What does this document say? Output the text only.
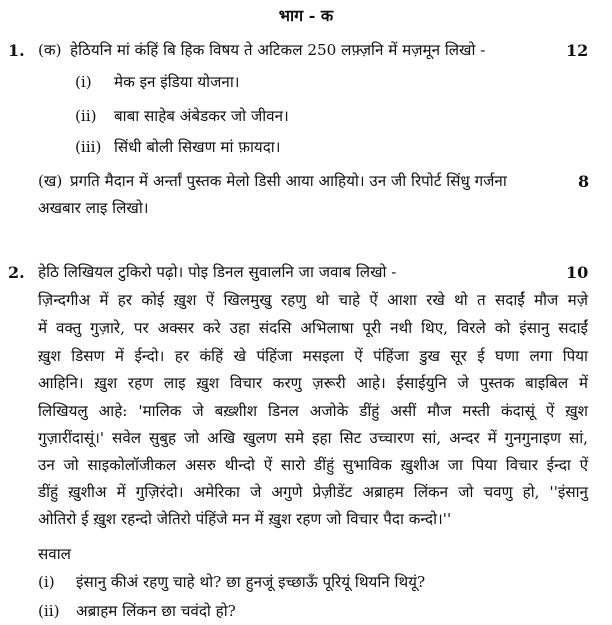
भाग - क
1. (क) हेठियनि मां कंहिं बि हिक विषय ते अटिकल 250 लफ़्ज़नि में मज़मून लिखो -	12
(i) मेक इन इंडिया योजना।
(ii) बाबा साहेब अंबेडकर जो जीवन।
(iii) सिंधी बोली सिखण मां फ़ायदा।
(ख) प्रगति मैदान में अर्न्तां पुस्तक मेलो डिसी आया आहियो। उन जी रिपोर्ट सिंधु गर्जना
अखबार लाइ लिखो।
8
2. हेठि लिखियल टुकिरो पढ़ो। पोइ डिनल सुवालनि जा जवाब लिखो -	10
ज़िन्दगीअ में हर कोई ख़ुश ऐं खिलमुखु रहणु थो चाहे ऐं आशा रखे थो त सदाईं मौज मज़े
में वक्तु गुज़ारे, पर अक्सर करे उहा संदसि अभिलाषा पूरी नथी थिए, विरले को इंसानु सदाईं
ख़ुश डिसण में ईन्दो। हर कंहिं खे पंहिंजा मसइला ऐं पंहिंजा डुख सूर ई घणा लगा पिया
आहिनि। ख़ुश रहण लाइ ख़ुश विचार करणु ज़रूरी आहे। ईसाईयुनि जे पुस्तक बाइबिल में
लिखियलु आहे: 'मालिक जे बख़्शीश डिनल अजोके डींहुं असीं मौज मस्ती कंदासूं ऐं ख़ुश
गुज़ारींदासूं।' सवेल सुबुह जो अखि खुलण समे इहा सिट उच्चारण सां, अन्दर में गुनगुनाइण सां,
उन जो साइकोलॉजीकल असरु थीन्दो ऐं सारो डींहुं सुभाविक ख़ुशीअ जा पिया विचार ईन्दा ऐं
डींहुं ख़ुशीअ में गुज़िरंदो। अमेरिका जे अगुणे प्रेज़ीडेंट अब्राहम लिंकन जो चवणु हो, ''इंसानु
ओतिरो ई ख़ुश रहन्दो जेतिरो पंहिंजे मन में ख़ुश रहण जो विचार पैदा कन्दो।''
सवाल
(i) इंसानु कीअं रहणु चाहे थो? छा हुनजूं इच्छाऊँ पूरियूं थियनि थियूं?
(ii) अब्राहम लिंकन छा चवंदो हो?
